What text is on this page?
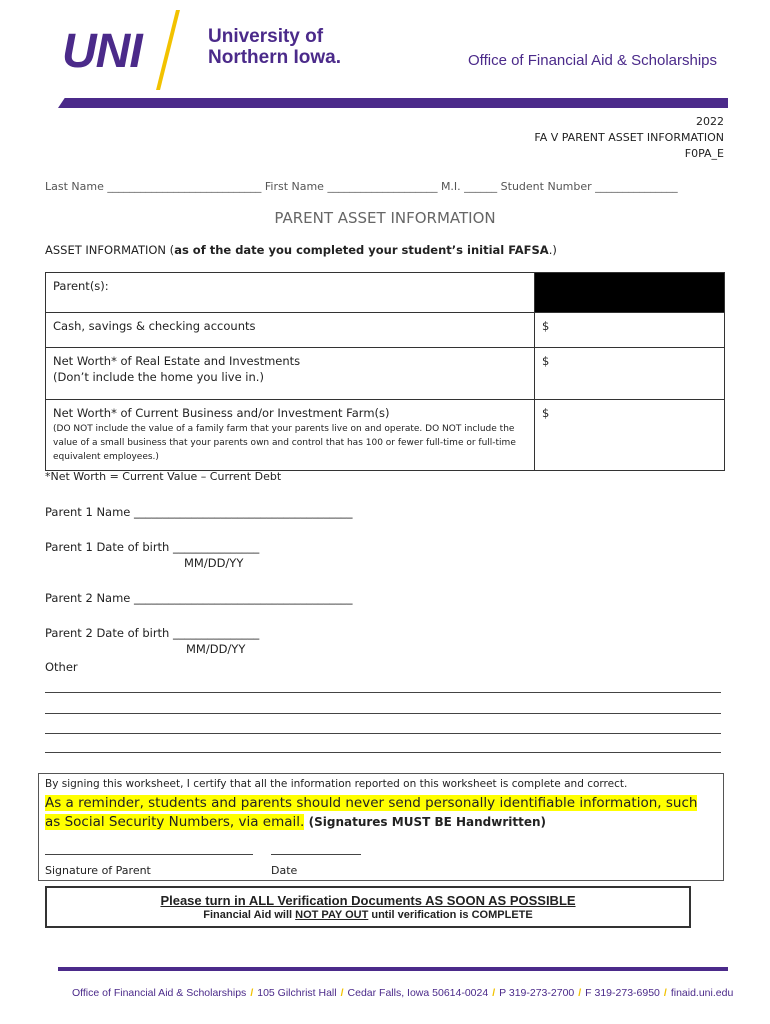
UNI	University of
Northern Iowa.	Office of Financial Aid & Scholarships
2022
FA V PARENT ASSET INFORMATION
F0PA_E
Last Name ____________________________ First Name ____________________ M.I. ______ Student Number _______________
PARENT ASSET INFORMATION
ASSET INFORMATION (as of the date you completed your student’s initial FAFSA.)
Parent(s):	
Cash, savings & checking accounts	$

Net Worth* of Real Estate and Investments
(Don’t include the home you live in.)	$

Net Worth* of Current Business and/or Investment Farm(s)
(DO NOT include the value of a family farm that your parents live on and operate. DO NOT include the value of a small business that your parents own and control that has 100 or fewer full-time or full-time equivalent employees.)	$
*Net Worth = Current Value – Current Debt
Parent 1 Name ______________________________________
Parent 1 Date of birth _______________
MM/DD/YY
Parent 2 Name ______________________________________
Parent 2 Date of birth _______________
MM/DD/YY
Other
By signing this worksheet, I certify that all the information reported on this worksheet is complete and correct.
As a reminder, students and parents should never send personally identifiable information, such as Social Security Numbers, via email. (Signatures MUST BE Handwritten)
Signature of Parent	Date
Please turn in ALL Verification Documents AS SOON AS POSSIBLE
Financial Aid will NOT PAY OUT until verification is COMPLETE
Office of Financial Aid & Scholarships / 105 Gilchrist Hall / Cedar Falls, Iowa 50614-0024 / P 319-273-2700 / F 319-273-6950 / finaid.uni.edu
